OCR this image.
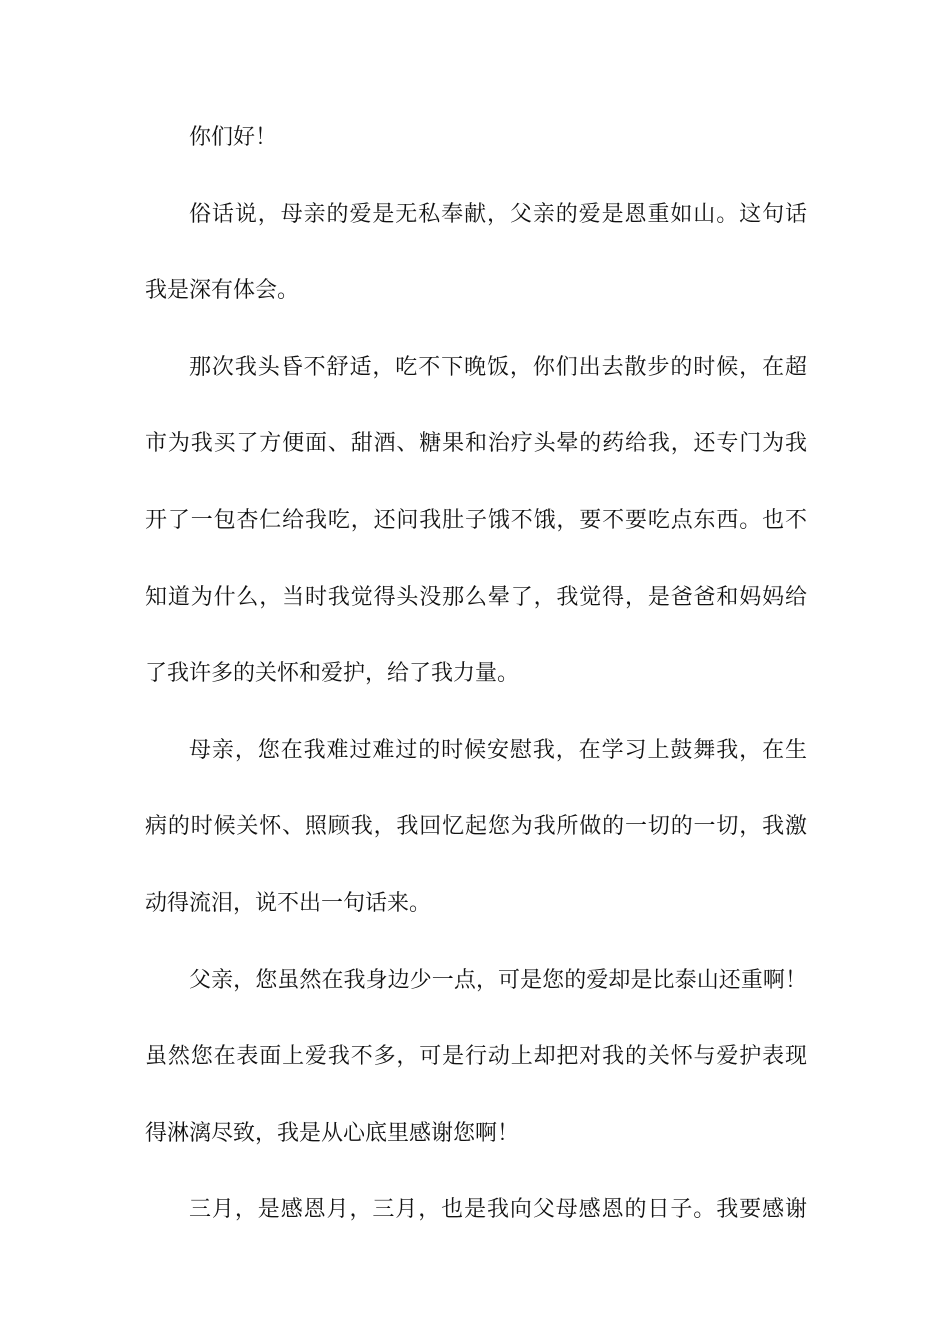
你们好！
俗话说，母亲的爱是无私奉献，父亲的爱是恩重如山。这句话
我是深有体会。
那次我头昏不舒适，吃不下晚饭，你们出去散步的时候，在超
市为我买了方便面、甜酒、糖果和治疗头晕的药给我，还专门为我
开了一包杏仁给我吃，还问我肚子饿不饿，要不要吃点东西。也不
知道为什么，当时我觉得头没那么晕了，我觉得，是爸爸和妈妈给
了我许多的关怀和爱护，给了我力量。
母亲，您在我难过难过的时候安慰我，在学习上鼓舞我，在生
病的时候关怀、照顾我，我回忆起您为我所做的一切的一切，我激
动得流泪，说不出一句话来。
父亲，您虽然在我身边少一点，可是您的爱却是比泰山还重啊！
虽然您在表面上爱我不多，可是行动上却把对我的关怀与爱护表现
得淋漓尽致，我是从心底里感谢您啊！
三月，是感恩月，三月，也是我向父母感恩的日子。我要感谢
